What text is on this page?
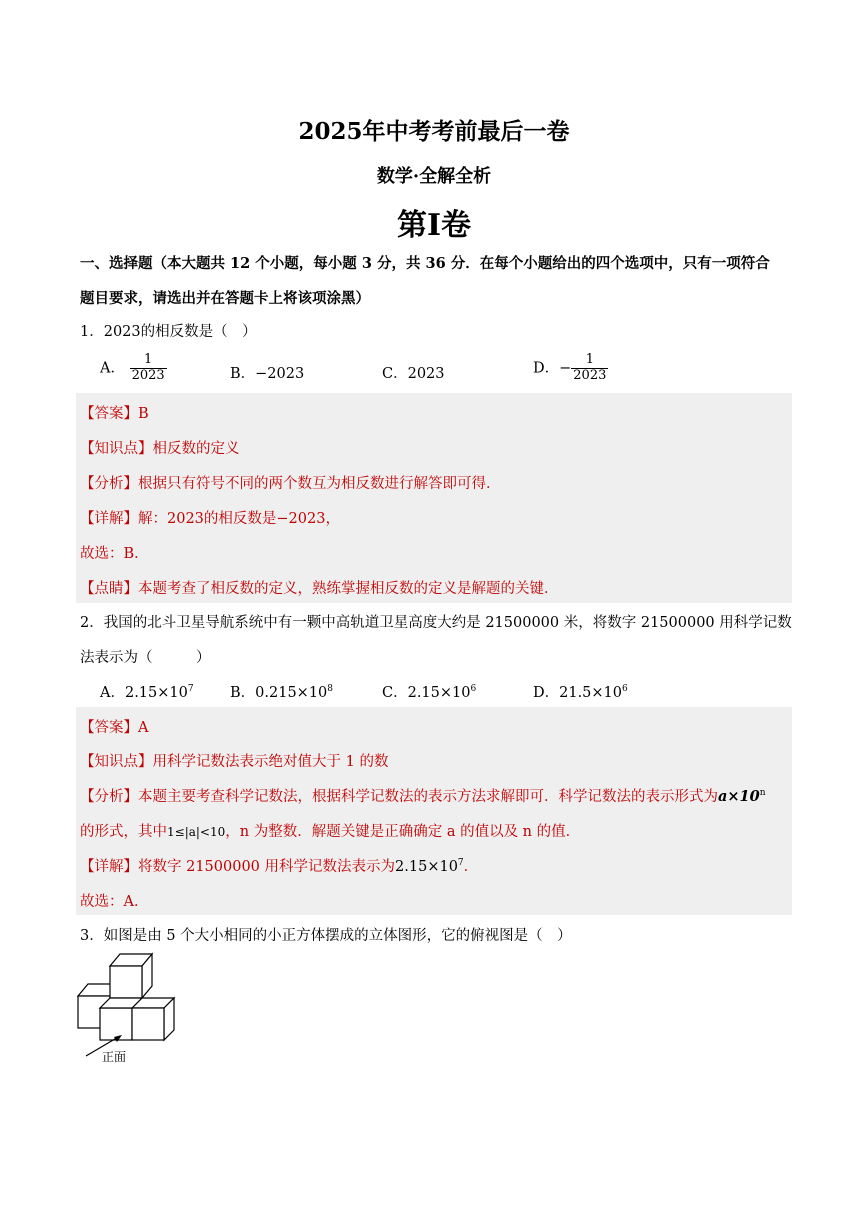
2025年中考考前最后一卷
数学·全解全析
第Ⅰ卷
一、选择题（本大题共 12 个小题，每小题 3 分，共 36 分．在每个小题给出的四个选项中，只有一项符合
题目要求，请选出并在答题卡上将该项涂黑）
1．2023的相反数是（　）
A． $\frac{1}{2023}$	B．−2023	C．2023	D．− $\frac{1}{2023}$
【答案】B
【知识点】相反数的定义
【分析】根据只有符号不同的两个数互为相反数进行解答即可得．
【详解】解：2023的相反数是−2023，
故选：B．
【点睛】本题考查了相反数的定义，熟练掌握相反数的定义是解题的关键．
2．我国的北斗卫星导航系统中有一颗中高轨道卫星高度大约是 21500000 米，将数字 21500000 用科学记数
法表示为（　　　）
A．$2.15\times 10^7$	B．$0.215\times 10^8$	C．$2.15\times 10^6$	D．$21.5\times 10^6$
【答案】A
【知识点】用科学记数法表示绝对值大于 1 的数
【分析】本题主要考查科学记数法，根据科学记数法的表示方法求解即可．科学记数法的表示形式为$a\times 10^n$
的形式，其中1≤|a|<10，n 为整数．解题关键是正确确定 a 的值以及 n 的值．
【详解】将数字 21500000 用科学记数法表示为$2.15\times 10^7$．
故选：A．
3．如图是由 5 个大小相同的小正方体摆成的立体图形，它的俯视图是（　）
正面
